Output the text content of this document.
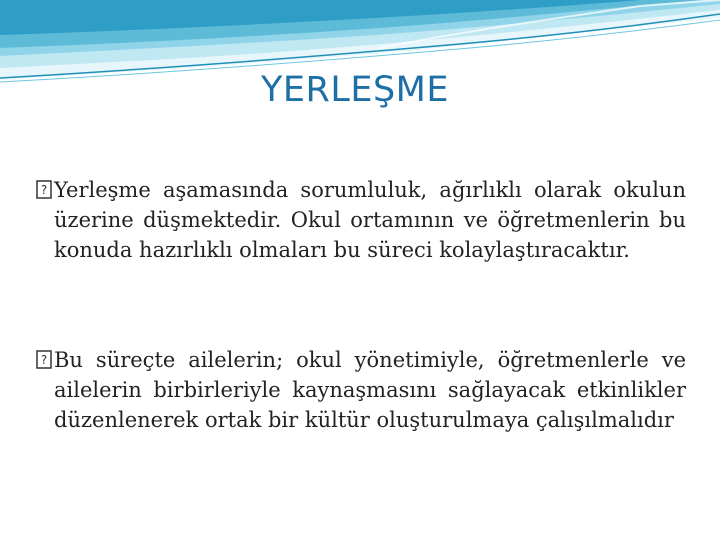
YERLEŞME

? Yerleşme aşamasında sorumluluk, ağırlıklı olarak okulun üzerine düşmektedir. Okul ortamının ve öğretmenlerin bu konuda hazırlıklı olmaları bu süreci kolaylaştıracaktır.

? Bu süreçte ailelerin; okul yönetimiyle, öğretmenlerle ve ailelerin birbirleriyle kaynaşmasını sağlayacak etkinlikler düzenlenerek ortak bir kültür oluşturulmaya çalışılmalıdır
